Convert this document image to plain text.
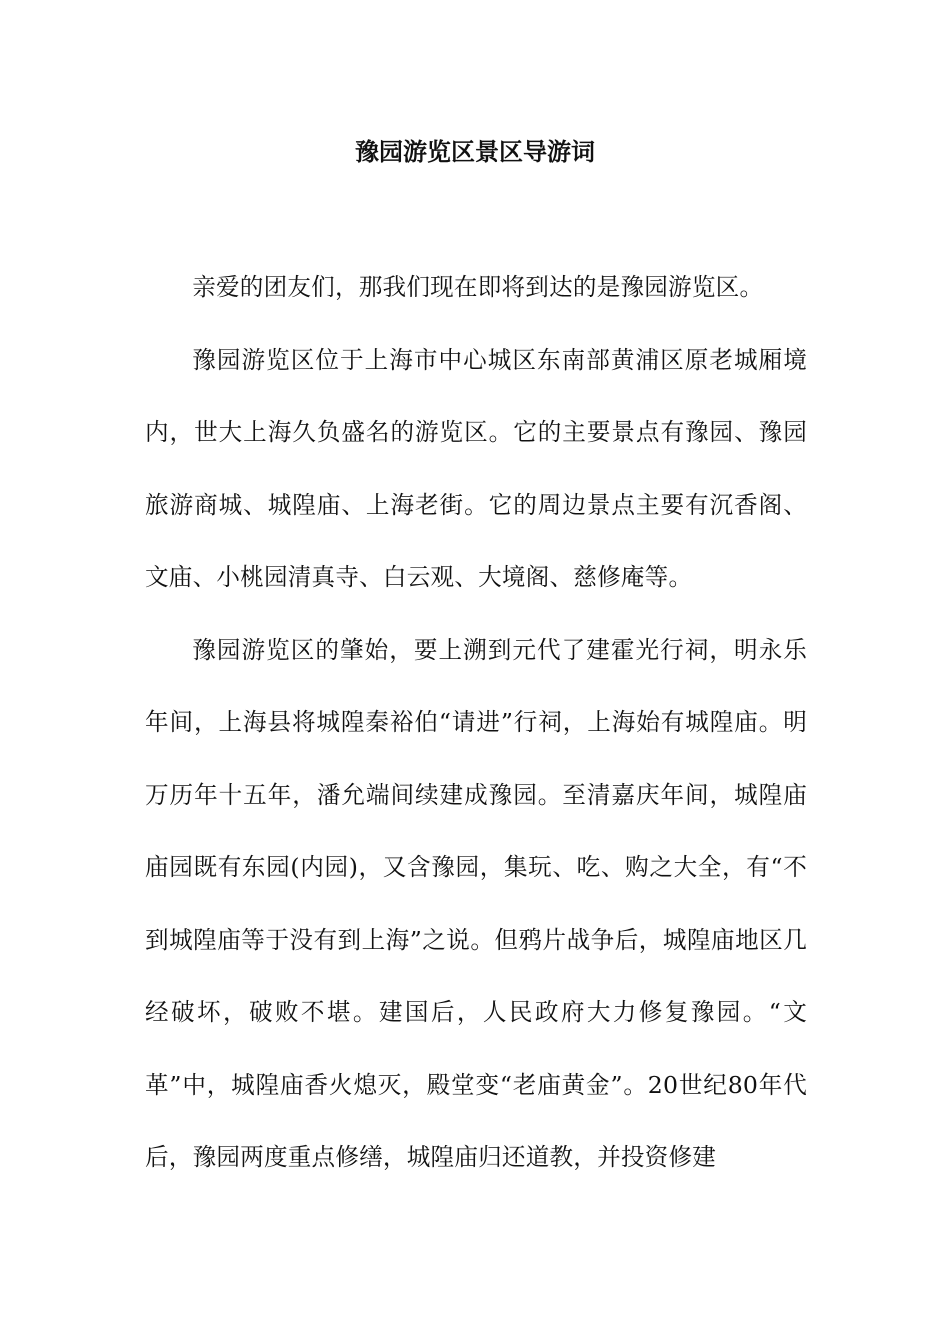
豫园游览区景区导游词

亲爱的团友们，那我们现在即将到达的是豫园游览区。

豫园游览区位于上海市中心城区东南部黄浦区原老城厢境内，世大上海久负盛名的游览区。它的主要景点有豫园、豫园旅游商城、城隍庙、上海老街。它的周边景点主要有沉香阁、文庙、小桃园清真寺、白云观、大境阁、慈修庵等。

豫园游览区的肇始，要上溯到元代了建霍光行祠，明永乐年间，上海县将城隍秦裕伯“请进”行祠，上海始有城隍庙。明万历年十五年，潘允端间续建成豫园。至清嘉庆年间，城隍庙庙园既有东园(内园)，又含豫园，集玩、吃、购之大全，有“不到城隍庙等于没有到上海”之说。但鸦片战争后，城隍庙地区几经破坏，破败不堪。建国后，人民政府大力修复豫园。“文革”中，城隍庙香火熄灭，殿堂变“老庙黄金”。20世纪80年代后，豫园两度重点修缮，城隍庙归还道教，并投资修建
